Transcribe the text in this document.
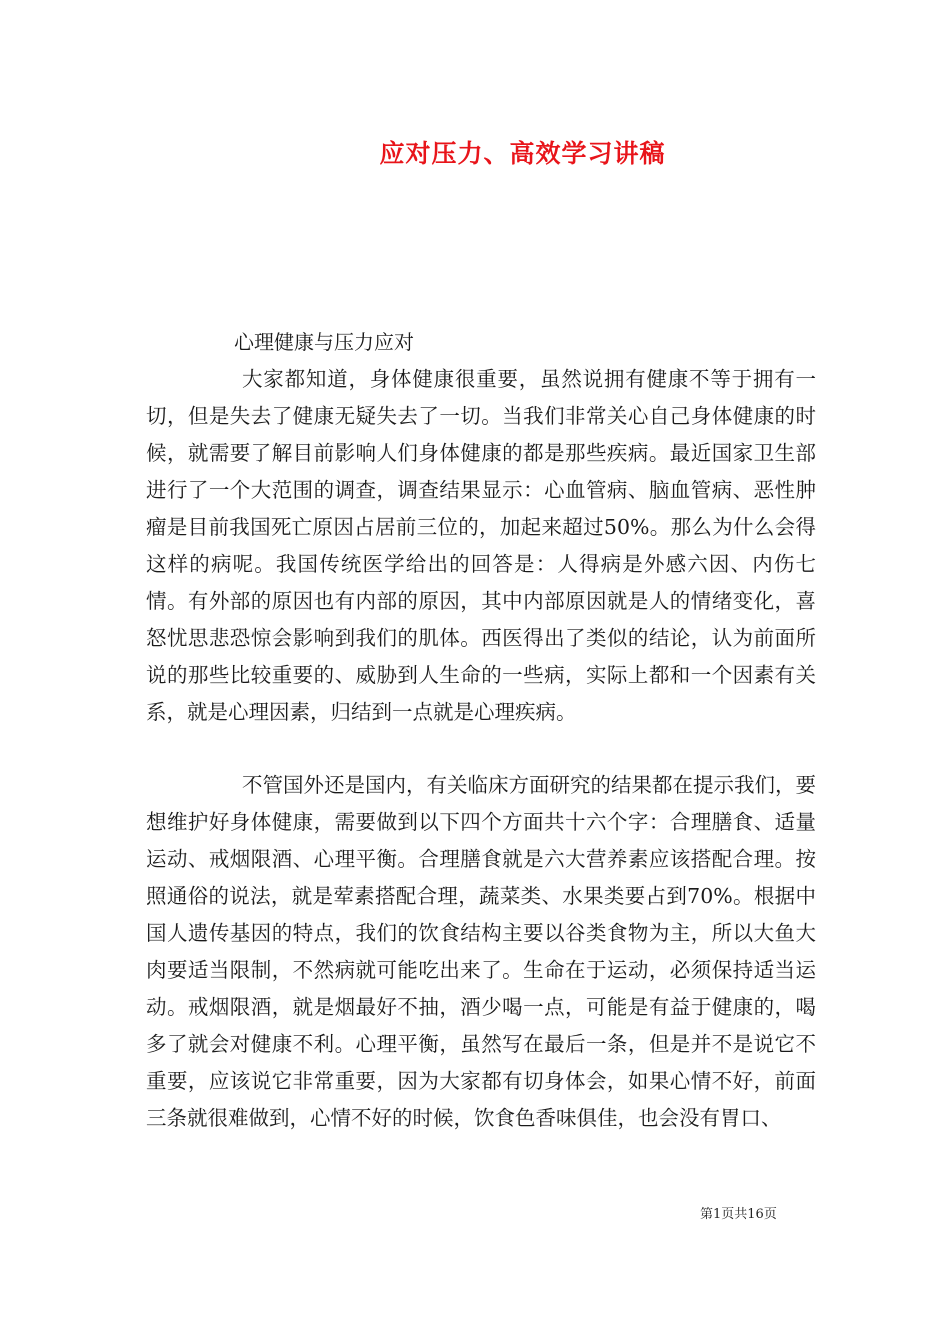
应对压力、高效学习讲稿
心理健康与压力应对

大家都知道，身体健康很重要，虽然说拥有健康不等于拥有一切，但是失去了健康无疑失去了一切。当我们非常关心自己身体健康的时候，就需要了解目前影响人们身体健康的都是那些疾病。最近国家卫生部进行了一个大范围的调查，调查结果显示：心血管病、脑血管病、恶性肿瘤是目前我国死亡原因占居前三位的，加起来超过50%。那么为什么会得这样的病呢。我国传统医学给出的回答是：人得病是外感六因、内伤七情。有外部的原因也有内部的原因，其中内部原因就是人的情绪变化，喜怒忧思悲恐惊会影响到我们的肌体。西医得出了类似的结论，认为前面所说的那些比较重要的、威胁到人生命的一些病，实际上都和一个因素有关系，就是心理因素，归结到一点就是心理疾病。

不管国外还是国内，有关临床方面研究的结果都在提示我们，要想维护好身体健康，需要做到以下四个方面共十六个字：合理膳食、适量运动、戒烟限酒、心理平衡。合理膳食就是六大营养素应该搭配合理。按照通俗的说法，就是荤素搭配合理，蔬菜类、水果类要占到70%。根据中国人遗传基因的特点，我们的饮食结构主要以谷类食物为主，所以大鱼大肉要适当限制，不然病就可能吃出来了。生命在于运动，必须保持适当运动。戒烟限酒，就是烟最好不抽，酒少喝一点，可能是有益于健康的，喝多了就会对健康不利。心理平衡，虽然写在最后一条，但是并不是说它不重要，应该说它非常重要，因为大家都有切身体会，如果心情不好，前面三条就很难做到，心情不好的时候，饮食色香味俱佳，也会没有胃口、

第1页共16页
